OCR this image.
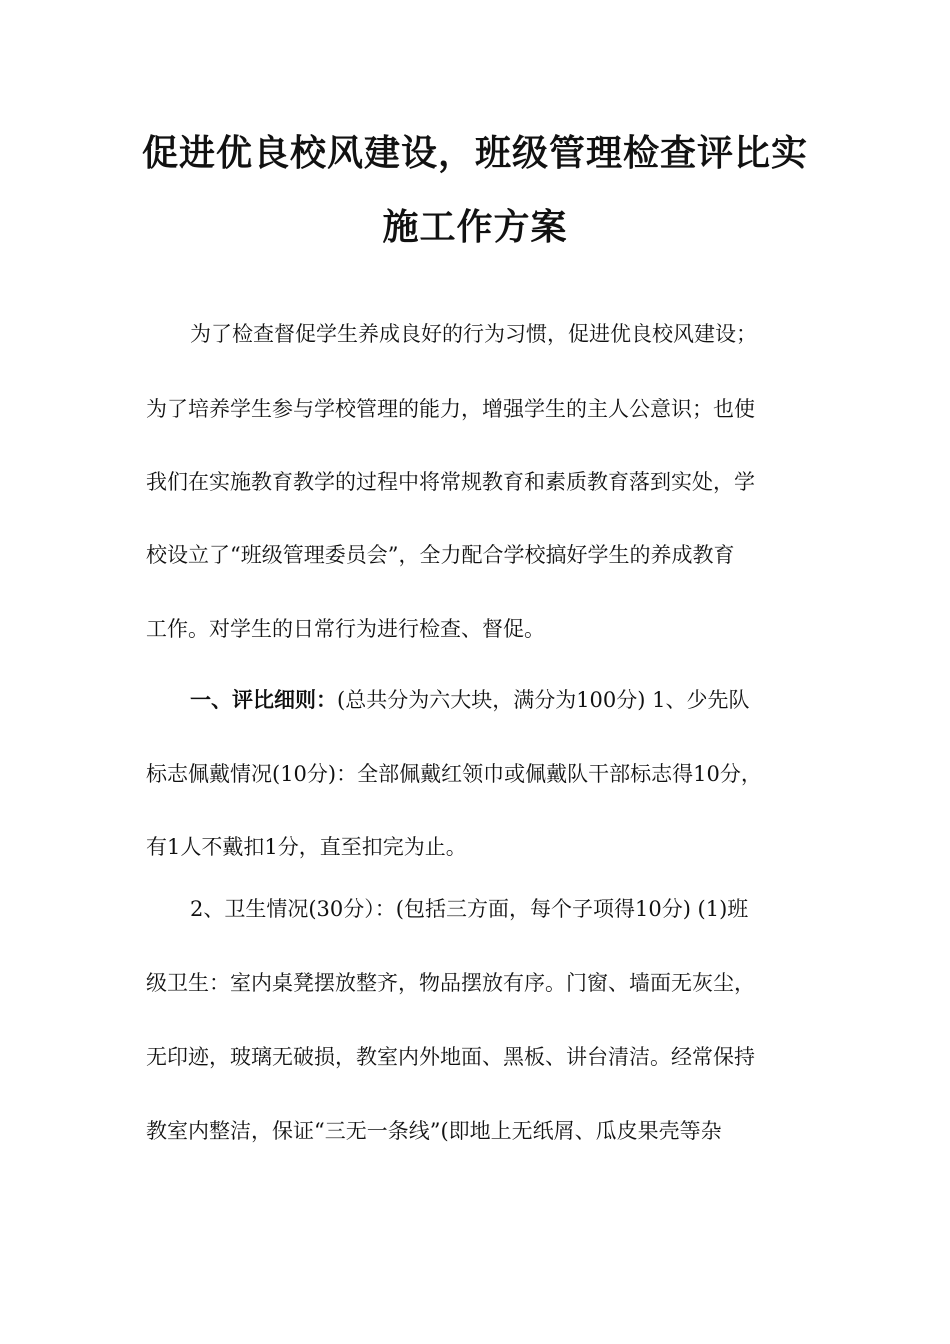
促进优良校风建设，班级管理检查评比实
施工作方案
为了检查督促学生养成良好的行为习惯，促进优良校风建设；
为了培养学生参与学校管理的能力，增强学生的主人公意识；也使
我们在实施教育教学的过程中将常规教育和素质教育落到实处，学
校设立了“班级管理委员会”，全力配合学校搞好学生的养成教育
工作。对学生的日常行为进行检查、督促。
一、评比细则：(总共分为六大块，满分为100分) 1、少先队
标志佩戴情况(10分)：全部佩戴红领巾或佩戴队干部标志得10分，
有1人不戴扣1分，直至扣完为止。
2、卫生情况(30分）：(包括三方面，每个子项得10分) (1)班
级卫生：室内桌凳摆放整齐，物品摆放有序。门窗、墙面无灰尘，
无印迹，玻璃无破损，教室内外地面、黑板、讲台清洁。经常保持
教室内整洁，保证“三无一条线”(即地上无纸屑、瓜皮果壳等杂
